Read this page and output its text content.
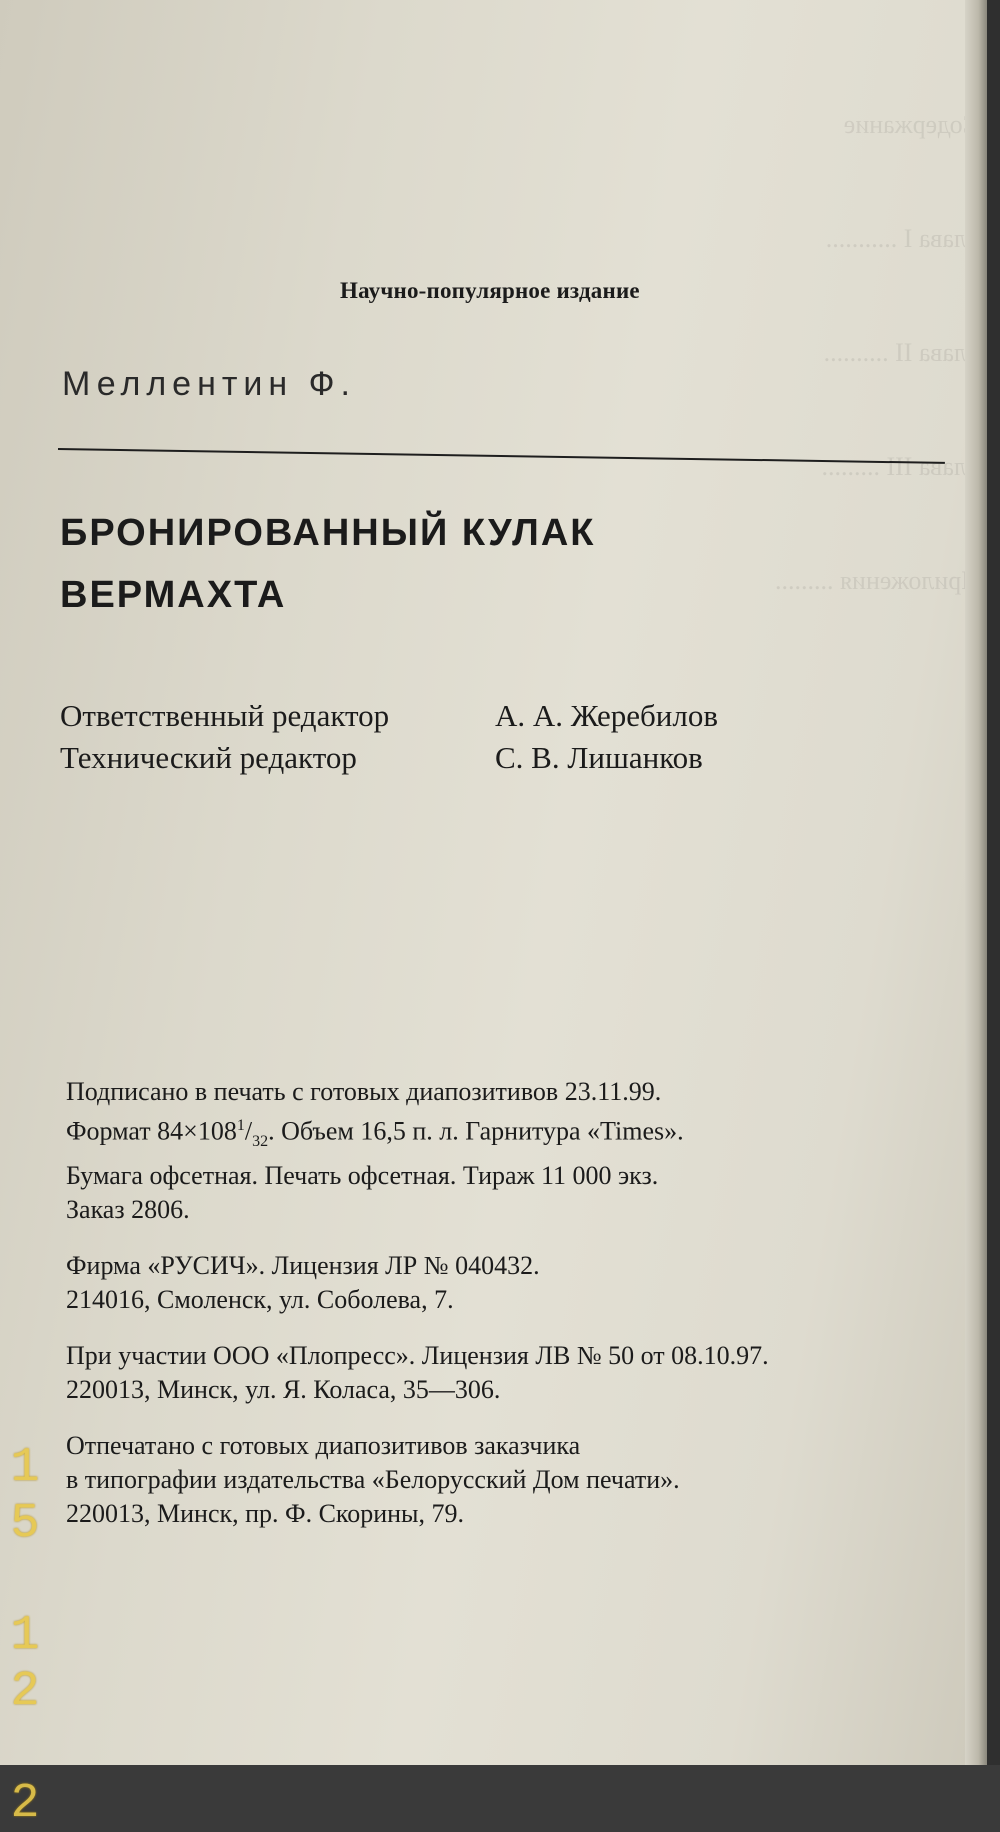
Содержание

Глава I ...........

Глава II ..........

Глава III .........

Приложения .........

Научно-популярное издание
Меллентин Ф.
БРОНИРОВАННЫЙ КУЛАК
ВЕРМАХТА
Ответственный редактор	А. А. Жеребилов
Технический редактор	С. В. Лишанков

Подписано в печать с готовых диапозитивов 23.11.99.
Формат $84\times 108^1/_{32}$. Объем 16,5 п. л. Гарнитура «Times».
Бумага офсетная. Печать офсетная. Тираж 11 000 экз.
Заказ 2806.

Фирма «РУСИЧ». Лицензия ЛР № 040432.
214016, Смоленск, ул. Соболева, 7.

При участии ООО «Плопресс». Лицензия ЛВ № 50 от 08.10.97.
220013, Минск, ул. Я. Коласа, 35—306.

Отпечатано с готовых диапозитивов заказчика
в типографии издательства «Белорусский Дом печати».
220013, Минск, пр. Ф. Скорины, 79.

1
5

1
2

2
